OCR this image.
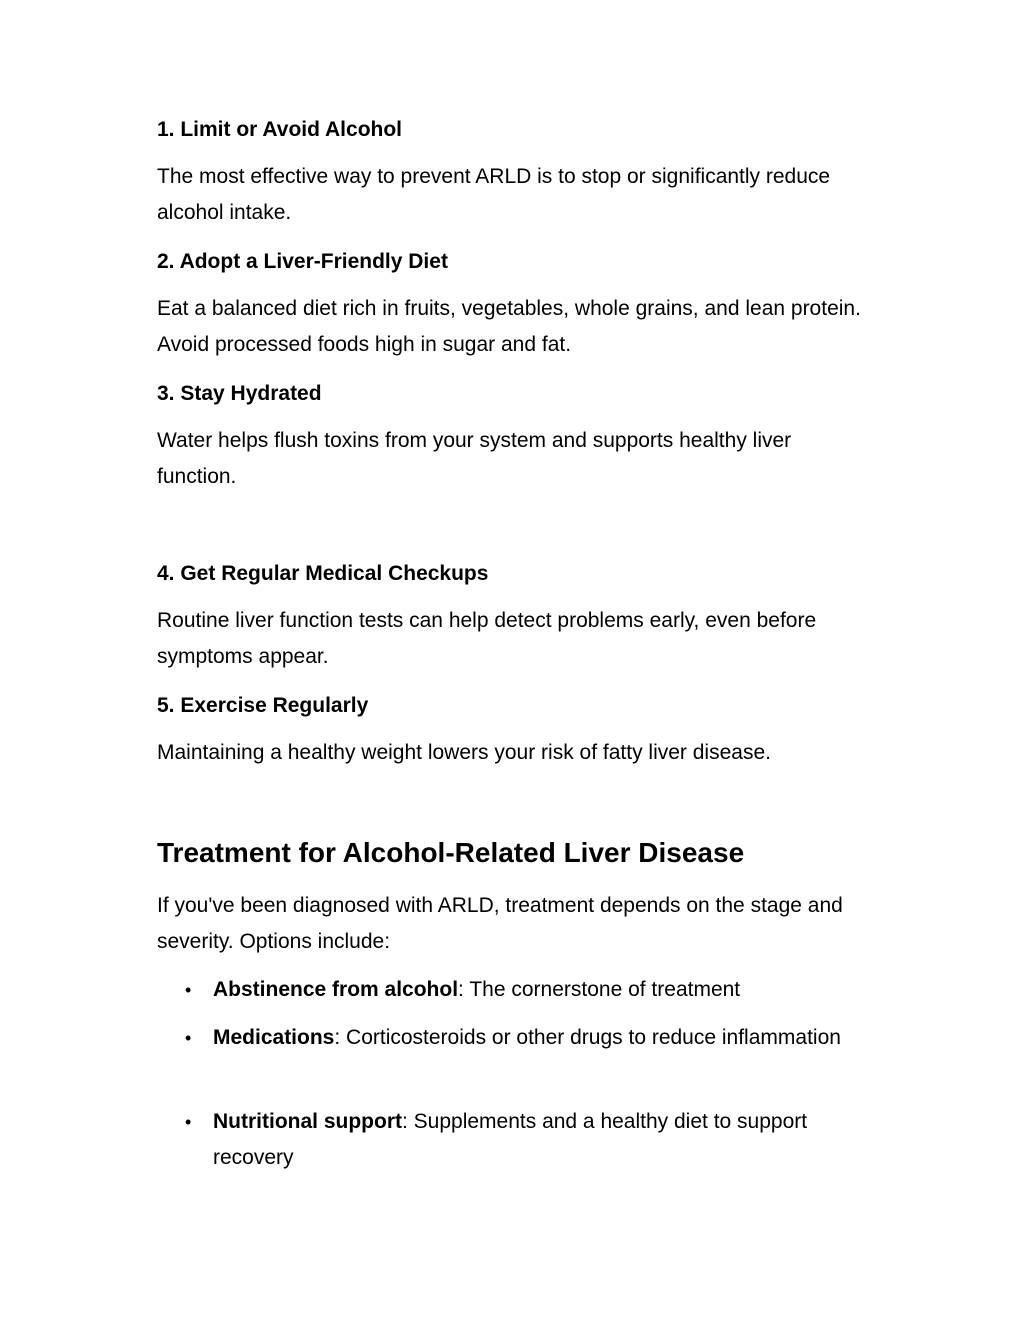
1. Limit or Avoid Alcohol
The most effective way to prevent ARLD is to stop or significantly reduce alcohol intake.
2. Adopt a Liver-Friendly Diet
Eat a balanced diet rich in fruits, vegetables, whole grains, and lean protein. Avoid processed foods high in sugar and fat.
3. Stay Hydrated
Water helps flush toxins from your system and supports healthy liver function.
4. Get Regular Medical Checkups
Routine liver function tests can help detect problems early, even before symptoms appear.
5. Exercise Regularly
Maintaining a healthy weight lowers your risk of fatty liver disease.
Treatment for Alcohol-Related Liver Disease
If you've been diagnosed with ARLD, treatment depends on the stage and severity. Options include:
• Abstinence from alcohol: The cornerstone of treatment
• Medications: Corticosteroids or other drugs to reduce inflammation
• Nutritional support: Supplements and a healthy diet to support recovery
